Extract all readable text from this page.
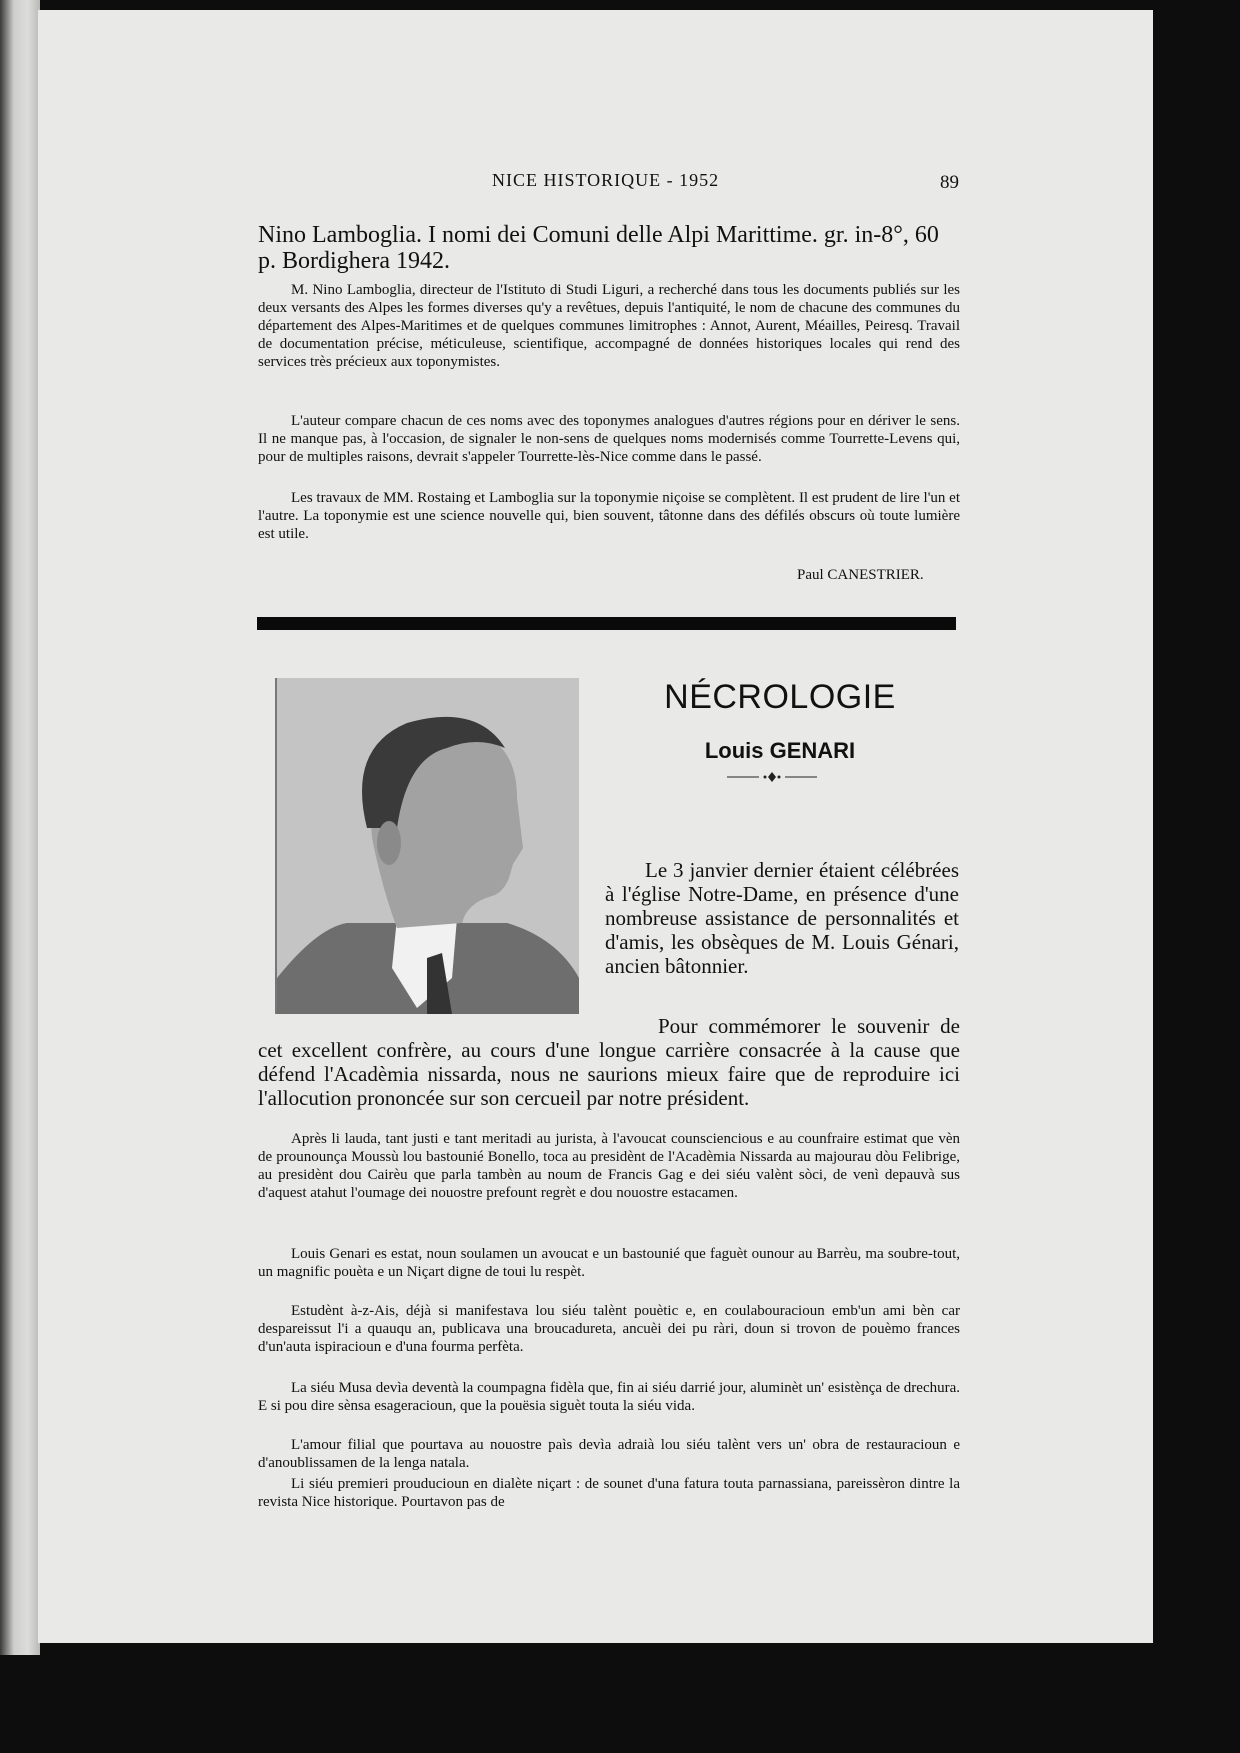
NICE HISTORIQUE - 1952	89
Nino Lamboglia. I nomi dei Comuni delle Alpi Marittime. gr. in-8°, 60 p. Bordighera 1942.
M. Nino Lamboglia, directeur de l'Istituto di Studi Liguri, a recherché dans tous les documents publiés sur les deux versants des Alpes les formes diverses qu'y a revêtues, depuis l'antiquité, le nom de chacune des communes du département des Alpes-Maritimes et de quelques communes limitrophes : Annot, Aurent, Méailles, Peiresq. Travail de documentation précise, méticuleuse, scientifique, accompagné de données historiques locales qui rend des services très précieux aux toponymistes.
L'auteur compare chacun de ces noms avec des toponymes analogues d'autres régions pour en dériver le sens. Il ne manque pas, à l'occasion, de signaler le non-sens de quelques noms modernisés comme Tourrette-Levens qui, pour de multiples raisons, devrait s'appeler Tourrette-lès-Nice comme dans le passé.
Les travaux de MM. Rostaing et Lamboglia sur la toponymie niçoise se complètent. Il est prudent de lire l'un et l'autre. La toponymie est une science nouvelle qui, bien souvent, tâtonne dans des défilés obscurs où toute lumière est utile.
Paul CANESTRIER.
NÉCROLOGIE
Louis GENARI
Le 3 janvier dernier étaient célébrées à l'église Notre-Dame, en présence d'une nombreuse assistance de personnalités et d'amis, les obsèques de M. Louis Génari, ancien bâtonnier.
Pour commémorer le souvenir de cet excellent confrère, au cours d'une longue carrière consacrée à la cause que défend l'Acadèmia nissarda, nous ne saurions mieux faire que de reproduire ici l'allocution prononcée sur son cercueil par notre président.
Après li lauda, tant justi e tant meritadi au jurista, à l'avoucat counsciencious e au counfraire estimat que vèn de prounounça Moussù lou bastounié Bonello, toca au presidènt de l'Acadèmia Nissarda au majourau dòu Felibrige, au presidènt dou Cairèu que parla tambèn au noum de Francis Gag e dei siéu valènt sòci, de venì depauvà sus d'aquest atahut l'oumage dei nouostre prefount regrèt e dou nouostre estacamen.
Louis Genari es estat, noun soulamen un avoucat e un bastounié que faguèt ounour au Barrèu, ma soubre-tout, un magnific pouèta e un Niçart digne de toui lu respèt.
Estudènt à-z-Ais, déjà si manifestava lou siéu talènt pouètic e, en coulabouracioun emb'un ami bèn car despareissut l'i a quauqu an, publicava una broucadureta, ancuèi dei pu ràri, doun si trovon de pouèmo frances d'un'auta ispiracioun e d'una fourma perfèta.
La siéu Musa devìa deventà la coumpagna fidèla que, fin ai siéu darrié jour, aluminèt un' esistènça de drechura. E si pou dire sènsa esageracioun, que la pouësia siguèt touta la siéu vida.
L'amour filial que pourtava au nouostre paìs devìa adraià lou siéu talènt vers un' obra de restauracioun e d'anoublissamen de la lenga natala.
Li siéu premieri prouducioun en dialète niçart : de sounet d'una fatura touta parnassiana, pareissèron dintre la revista Nice historique. Pourtavon pas de
